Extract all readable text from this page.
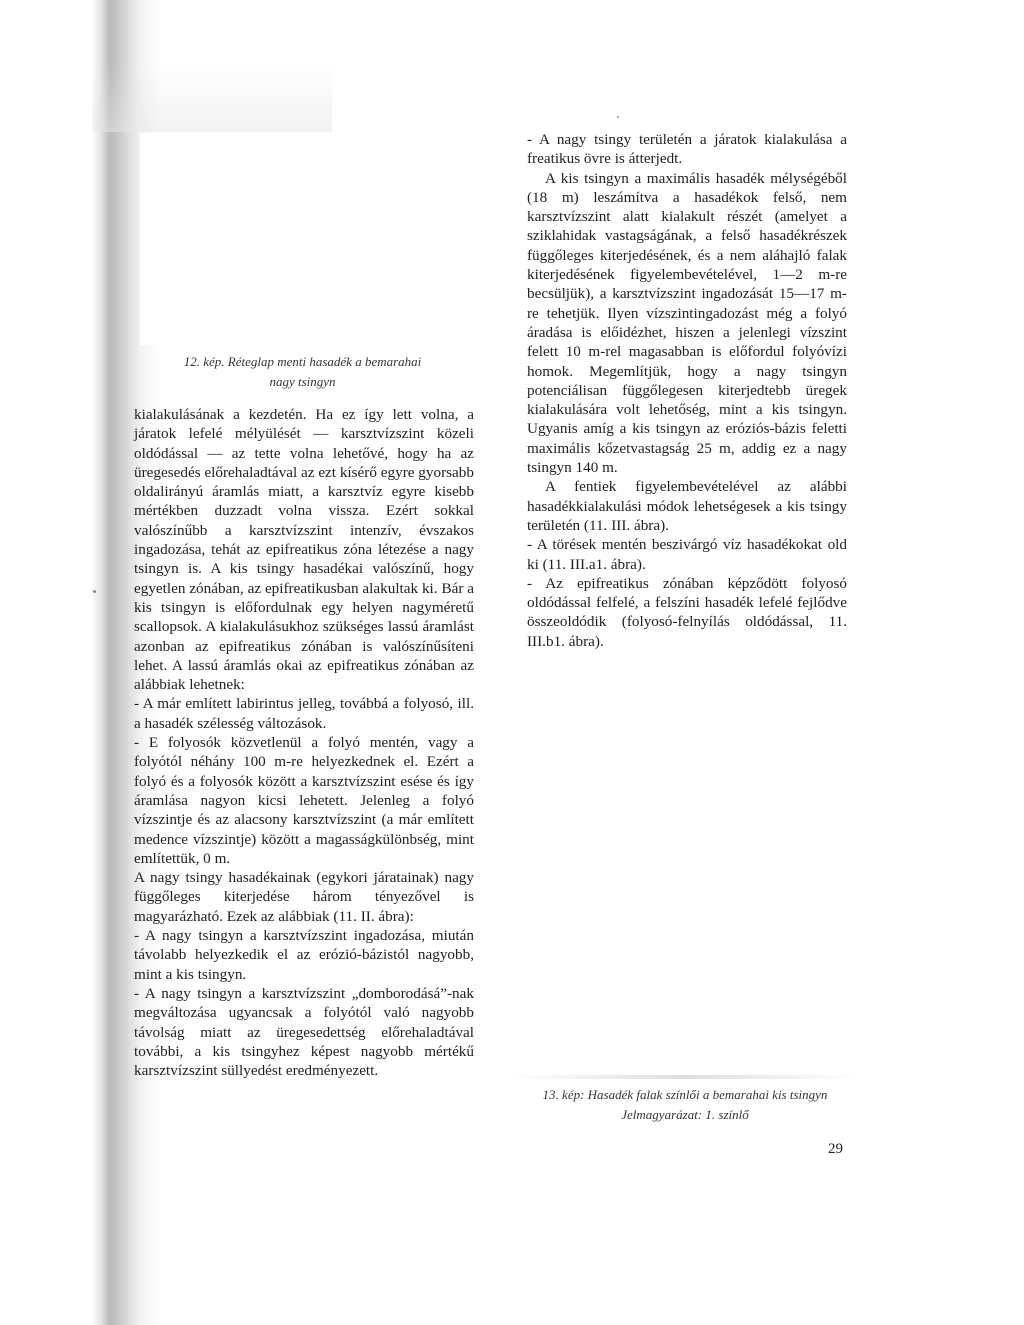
12. kép. Réteglap menti hasadék a bemarahai
nagy tsingyn

kialakulásának a kezdetén. Ha ez így lett volna, a járatok lefelé mélyülését — karsztvízszint közeli oldódással — az tette volna lehetővé, hogy ha az üregesedés előrehaladtával az ezt kísérő egyre gyorsabb oldalirányú áramlás miatt, a karsztvíz egyre kisebb mértékben duzzadt volna vissza. Ezért sokkal valószínűbb a karsztvízszint intenzív, évszakos ingadozása, tehát az epifreatikus zóna létezése a nagy tsingyn is. A kis tsingy hasadékai valószínű, hogy egyetlen zónában, az epifreatikusban alakultak ki. Bár a kis tsingyn is előfordulnak egy helyen nagyméretű scallopsok. A kialakulásukhoz szükséges lassú áramlást azonban az epifreatikus zónában is valószínűsíteni lehet. A lassú áramlás okai az epifreatikus zónában az alábbiak lehetnek:

- A már említett labirintus jelleg, továbbá a folyosó, ill. a hasadék szélesség változások.

- E folyosók közvetlenül a folyó mentén, vagy a folyótól néhány 100 m-re helyezkednek el. Ezért a folyó és a folyosók között a karsztvízszint esése és így áramlása nagyon kicsi lehetett. Jelenleg a folyó vízszintje és az alacsony karsztvízszint (a már említett medence vízszintje) között a magasságkülönbség, mint említettük, 0 m.

A nagy tsingy hasadékainak (egykori járatainak) nagy függőleges kiterjedése három tényezővel is magyarázható. Ezek az alábbiak (11. II. ábra):

- A nagy tsingyn a karsztvízszint ingadozása, miután távolabb helyezkedik el az erózió-bázistól nagyobb, mint a kis tsingyn.

- A nagy tsingyn a karsztvízszint „domborodásá”-nak megváltozása ugyancsak a folyótól való nagyobb távolság miatt az üregesedettség előrehaladtával további, a kis tsingyhez képest nagyobb mértékű karsztvízszint süllyedést eredményezett.

- A nagy tsingy területén a járatok kialakulása a freatikus övre is átterjedt.

A kis tsingyn a maximális hasadék mélységéből (18 m) leszámítva a hasadékok felső, nem karsztvízszint alatt kialakult részét (amelyet a sziklahidak vastagságának, a felső hasadékrészek függőleges kiterjedésének, és a nem aláhajló falak kiterjedésének figyelembevételével, 1—2 m-re becsüljük), a karsztvízszint ingadozását 15—17 m-re tehetjük. Ilyen vízszintingadozást még a folyó áradása is előidézhet, hiszen a jelenlegi vízszint felett 10 m-rel magasabban is előfordul folyóvízi homok. Megemlítjük, hogy a nagy tsingyn potenciálisan függőlegesen kiterjedtebb üregek kialakulására volt lehetőség, mint a kis tsingyn. Ugyanis amíg a kis tsingyn az eróziós-bázis feletti maximális kőzetvastagság 25 m, addig ez a nagy tsingyn 140 m.

A fentiek figyelembevételével az alábbi hasadékkialakulási módok lehetségesek a kis tsingy területén (11. III. ábra).

- A törések mentén beszivárgó víz hasadékokat old ki (11. III.a1. ábra).

- Az epifreatikus zónában képződött folyosó oldódással felfelé, a felszíni hasadék lefelé fejlődve összeoldódik (folyosó-felnyílás oldódással, 11. III.b1. ábra).

13. kép: Hasadék falak színlői a bemarahai kis tsingyn
Jelmagyarázat: 1. színlő
29
